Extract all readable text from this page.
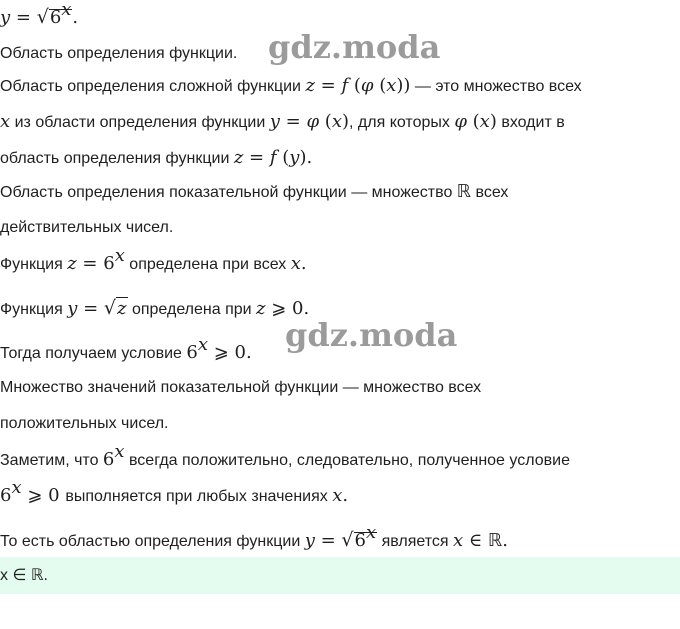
$y = √6^x$.
Область определения функции.
Область определения сложной функции z = f (φ (x)) — это множество всех
x из области определения функции y = φ (x), для которых φ (x) входит в
область определения функции z = f (y).
Область определения показательной функции — множество ℝ всех
действительных чисел.
Функция $z = 6^x$ определена при всех x.
Функция y = √z определена при z ⩾ 0.
Тогда получаем условие 6$^x$ ⩾ 0.
Множество значений показательной функции — множество всех
положительных чисел.
Заметим, что 6$^x$ всегда положительно, следовательно, полученное условие
6$^x$ ⩾ 0 выполняется при любых значениях x.
То есть областью определения функции $y = √6^x$ является x ∈ ℝ.
x ∈ ℝ.
gdz.moda
gdz.moda
